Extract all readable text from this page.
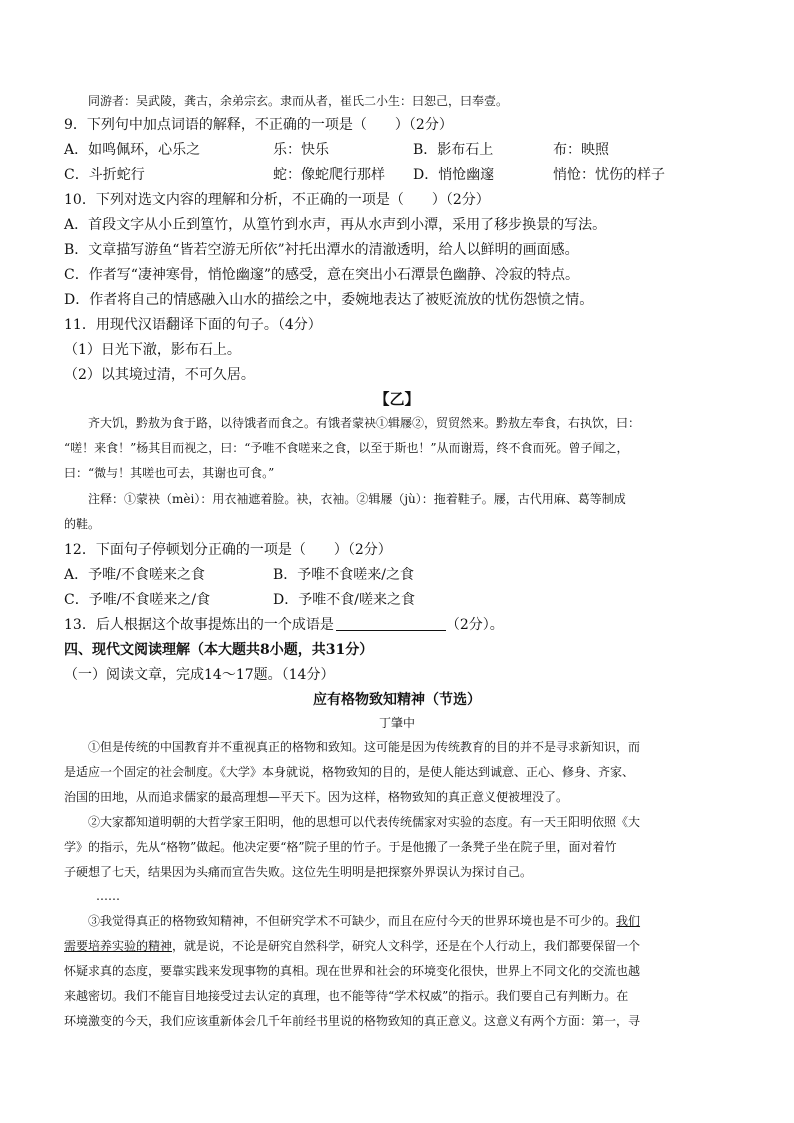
同游者：吴武陵，龚古，余弟宗玄。隶而从者，崔氏二小生：曰恕己，曰奉壹。
9．下列句中加点词语的解释，不正确的一项是（　　）（2分）
A．如鸣佩环，心乐之	乐：快乐	B．影布石上	布：映照
C．斗折蛇行	蛇：像蛇爬行那样 D．悄怆幽邃	悄怆：忧伤的样子
10．下列对选文内容的理解和分析，不正确的一项是（　　）（2分）
A．首段文字从小丘到篁竹，从篁竹到水声，再从水声到小潭，采用了移步换景的写法。
B．文章描写游鱼“皆若空游无所依”衬托出潭水的清澈透明，给人以鲜明的画面感。
C．作者写“凄神寒骨，悄怆幽邃”的感受，意在突出小石潭景色幽静、冷寂的特点。
D．作者将自己的情感融入山水的描绘之中，委婉地表达了被贬流放的忧伤怨愤之情。
11．用现代汉语翻译下面的句子。（4分）
（1）日光下澈，影布石上。
（2）以其境过清，不可久居。
【乙】
齐大饥，黔敖为食于路，以待饿者而食之。有饿者蒙袂①辑屦②，贸贸然来。黔敖左奉食，右执饮，曰：
“嗟！来食！”杨其目而视之，曰：“予唯不食嗟来之食，以至于斯也！”从而谢焉，终不食而死。曾子闻之，
曰：“微与！其嗟也可去，其谢也可食。”
注释：①蒙袂（mèi）：用衣袖遮着脸。袂，衣袖。②辑屦（jù）：拖着鞋子。屦，古代用麻、葛等制成
的鞋。
12．下面句子停顿划分正确的一项是（　　）（2分）
A．予唯/不食嗟来之食	B．予唯不食嗟来/之食
C．予唯/不食嗟来之/食	D．予唯不食/嗟来之食
13．后人根据这个故事提炼出的一个成语是	（2分）。
四、现代文阅读理解（本大题共8小题，共31分）
（一）阅读文章，完成14～17题。（14分）
应有格物致知精神（节选）
丁肇中
①但是传统的中国教育并不重视真正的格物和致知。这可能是因为传统教育的目的并不是寻求新知识，而
是适应一个固定的社会制度。《大学》本身就说，格物致知的目的，是使人能达到诚意、正心、修身、齐家、
治国的田地，从而追求儒家的最高理想—平天下。因为这样，格物致知的真正意义便被埋没了。
②大家都知道明朝的大哲学家王阳明，他的思想可以代表传统儒家对实验的态度。有一天王阳明依照《大
学》的指示，先从“格物”做起。他决定要“格”院子里的竹子。于是他搬了一条凳子坐在院子里，面对着竹
子硬想了七天，结果因为头痛而宣告失败。这位先生明明是把探察外界误认为探讨自己。
……
③我觉得真正的格物致知精神，不但研究学术不可缺少，而且在应付今天的世界环境也是不可少的。我们
需要培养实验的精神，就是说，不论是研究自然科学，研究人文科学，还是在个人行动上，我们都要保留一个
怀疑求真的态度，要靠实践来发现事物的真相。现在世界和社会的环境变化很快，世界上不同文化的交流也越
来越密切。我们不能盲目地接受过去认定的真理，也不能等待“学术权威”的指示。我们要自己有判断力。在
环境激变的今天，我们应该重新体会几千年前经书里说的格物致知的真正意义。这意义有两个方面：第一，寻
